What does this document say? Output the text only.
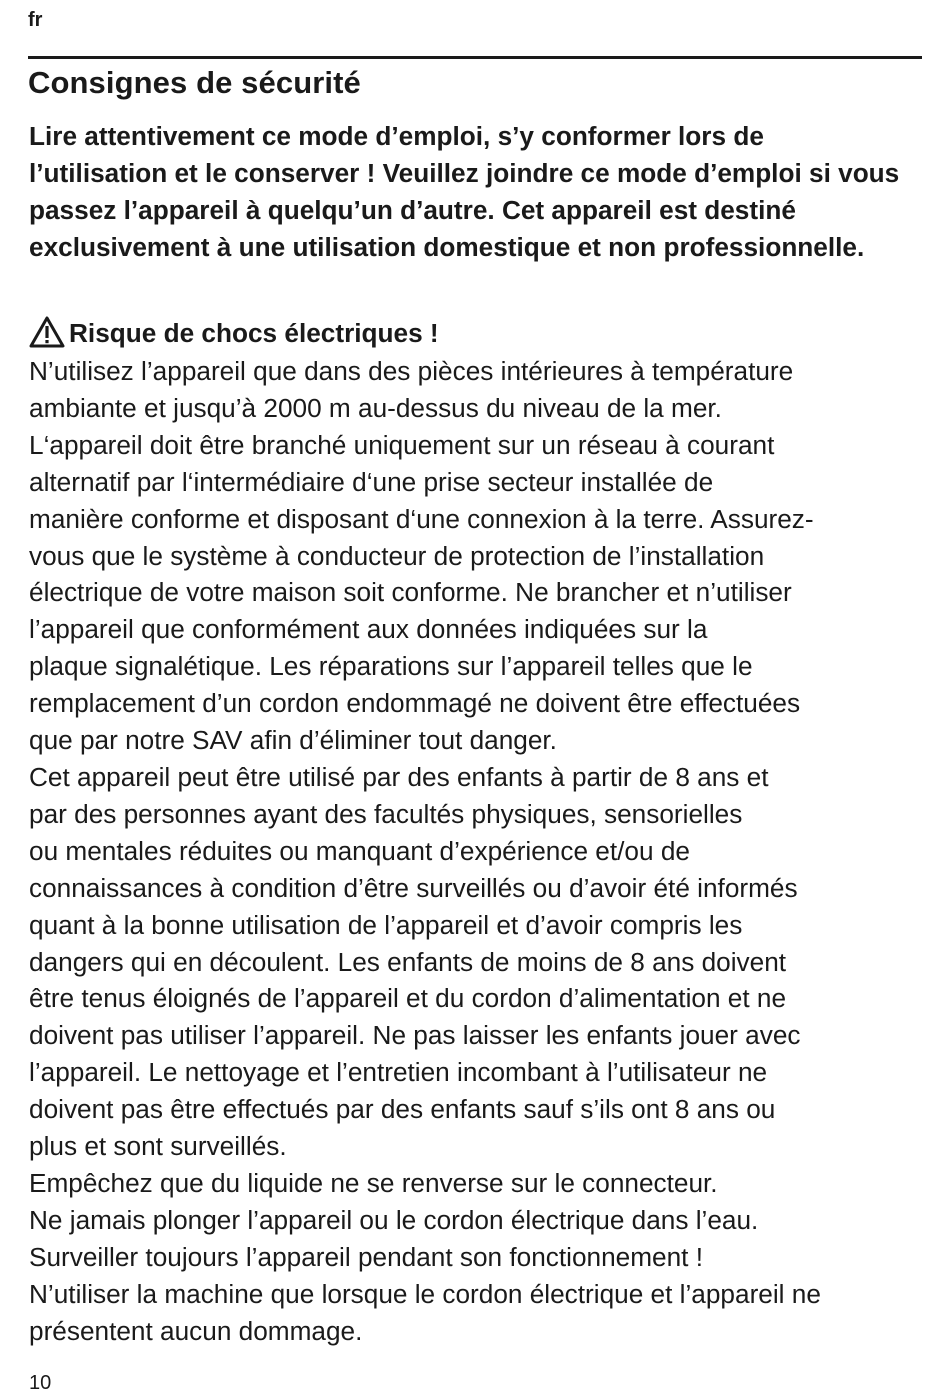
fr
Consignes de sécurité

Lire attentivement ce mode d’emploi, s’y conformer lors de l’utilisation et le conserver ! Veuillez joindre ce mode d’emploi si vous passez l’appareil à quelqu’un d’autre. Cet appareil est destiné exclusivement à une utilisation domestique et non professionnelle.

Risque de chocs électriques !

N’utilisez l’appareil que dans des pièces intérieures à température
ambiante et jusqu’à 2000 m au-dessus du niveau de la mer.
L‘appareil doit être branché uniquement sur un réseau à courant
alternatif par l‘intermédiaire d‘une prise secteur installée de
manière conforme et disposant d‘une connexion à la terre. Assurez-
vous que le système à conducteur de protection de l’installation
électrique de votre maison soit conforme. Ne brancher et n’utiliser
l’appareil que conformément aux données indiquées sur la
plaque signalétique. Les réparations sur l’appareil telles que le
remplacement d’un cordon endommagé ne doivent être effectuées
que par notre SAV afin d’éliminer tout danger.
Cet appareil peut être utilisé par des enfants à partir de 8 ans et
par des personnes ayant des facultés physiques, sensorielles
ou mentales réduites ou manquant d’expérience et/ou de
connaissances à condition d’être surveillés ou d’avoir été informés
quant à la bonne utilisation de l’appareil et d’avoir compris les
dangers qui en découlent. Les enfants de moins de 8 ans doivent
être tenus éloignés de l’appareil et du cordon d’alimentation et ne
doivent pas utiliser l’appareil. Ne pas laisser les enfants jouer avec
l’appareil. Le nettoyage et l’entretien incombant à l’utilisateur ne
doivent pas être effectués par des enfants sauf s’ils ont 8 ans ou
plus et sont surveillés.
Empêchez que du liquide ne se renverse sur le connecteur.
Ne jamais plonger l’appareil ou le cordon électrique dans l’eau.
Surveiller toujours l’appareil pendant son fonctionnement !
N’utiliser la machine que lorsque le cordon électrique et l’appareil ne
présentent aucun dommage.

10
